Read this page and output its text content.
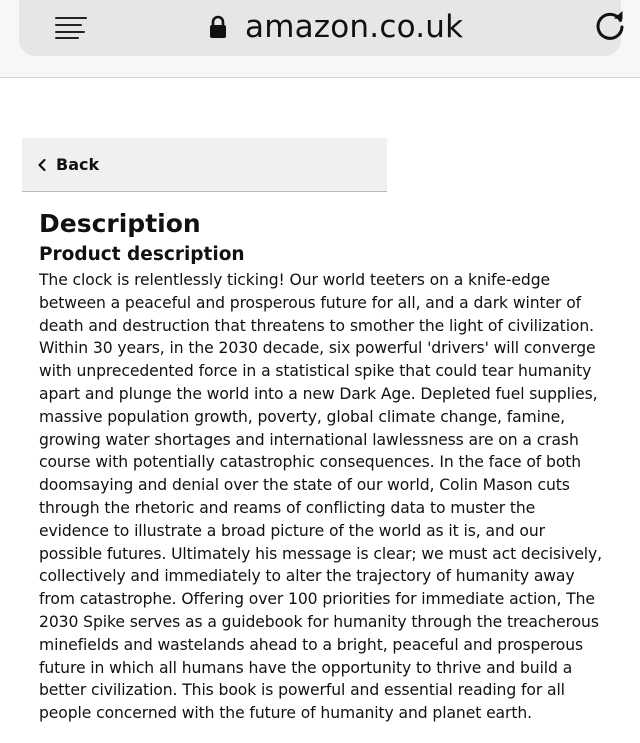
amazon.co.uk
Back
Description
Product description

The clock is relentlessly ticking! Our world teeters on a knife-edge between a peaceful and prosperous future for all, and a dark winter of death and destruction that threatens to smother the light of civilization. Within 30 years, in the 2030 decade, six powerful 'drivers' will converge with unprecedented force in a statistical spike that could tear humanity apart and plunge the world into a new Dark Age. Depleted fuel supplies, massive population growth, poverty, global climate change, famine, growing water shortages and international lawlessness are on a crash course with potentially catastrophic consequences. In the face of both doomsaying and denial over the state of our world, Colin Mason cuts through the rhetoric and reams of conflicting data to muster the evidence to illustrate a broad picture of the world as it is, and our possible futures. Ultimately his message is clear; we must act decisively, collectively and immediately to alter the trajectory of humanity away from catastrophe. Offering over 100 priorities for immediate action, The 2030 Spike serves as a guidebook for humanity through the treacherous minefields and wastelands ahead to a bright, peaceful and prosperous future in which all humans have the opportunity to thrive and build a better civilization. This book is powerful and essential reading for all people concerned with the future of humanity and planet earth.
